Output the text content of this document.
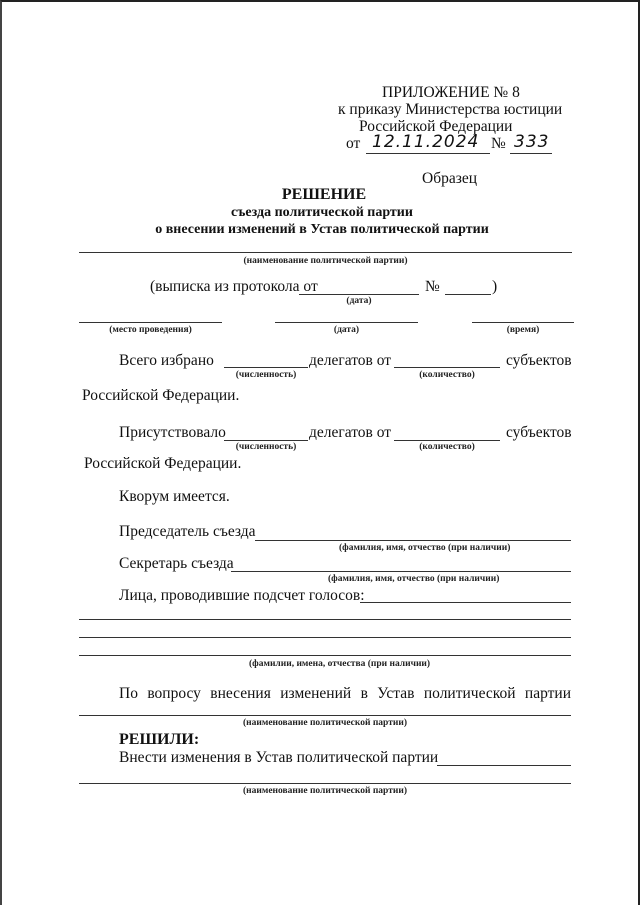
ПРИЛОЖЕНИЕ № 8
к приказу Министерства юстиции
Российской Федерации
от 12.11.2024 № 333
Образец
РЕШЕНИЕ
съезда политической партии
о внесении изменений в Устав политической партии
(наименование политической партии)
(выписка из протокола от	№	)
(дата)
(место проведения)	(дата)	(время)
Всего избрано	делегатов от	субъектов
(численность)	(количество)
Российской Федерации.
Присутствовало	делегатов от	субъектов
(численность)	(количество)
Российской Федерации.
Кворум имеется.
Председатель съезда
(фамилия, имя, отчество (при наличии)
Секретарь съезда
(фамилия, имя, отчество (при наличии)
Лица, проводившие подсчет голосов:
(фамилии, имена, отчества (при наличии)
По вопросу внесения изменений в Устав политической партии
(наименование политической партии)
РЕШИЛИ:
Внести изменения в Устав политической партии
(наименование политической партии)
